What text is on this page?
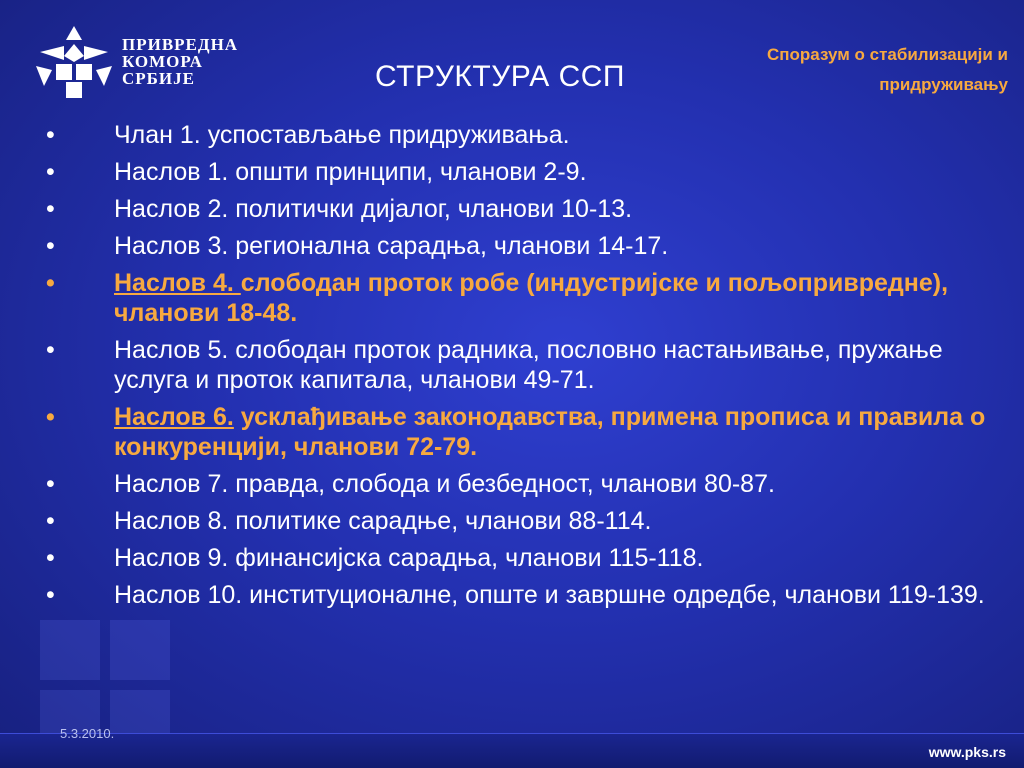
ПРИВРЕДНА
КОМОРА
СРБИЈЕ	СТРУКТУРА ССП
Споразум о стабилизацији и
придруживању
•	Члан 1. успостављање придруживања.
•	Наслов 1. општи принципи, чланови 2-9.
•	Наслов 2. политички дијалог, чланови 10-13.
•	Наслов 3. регионална сарадња, чланови 14-17.
•	Наслов 4. слободан проток робе (индустријске и пољопривредне), чланови 18-48.
•	Наслов 5. слободан проток радника, пословно настањивање, пружање услуга и проток капитала, чланови 49-71.
•	Наслов 6. усклађивање законодавства, примена прописа и правила о конкуренцији, чланови 72-79.
•	Наслов 7. правда, слобода и безбедност, чланови 80-87.
•	Наслов 8. политике сарадње, чланови 88-114.
•	Наслов 9. финансијска сарадња, чланови 115-118.
•	Наслов 10. институционалне, опште и завршне одредбе, чланови 119-139.
5.3.2010.
www.pks.rs
